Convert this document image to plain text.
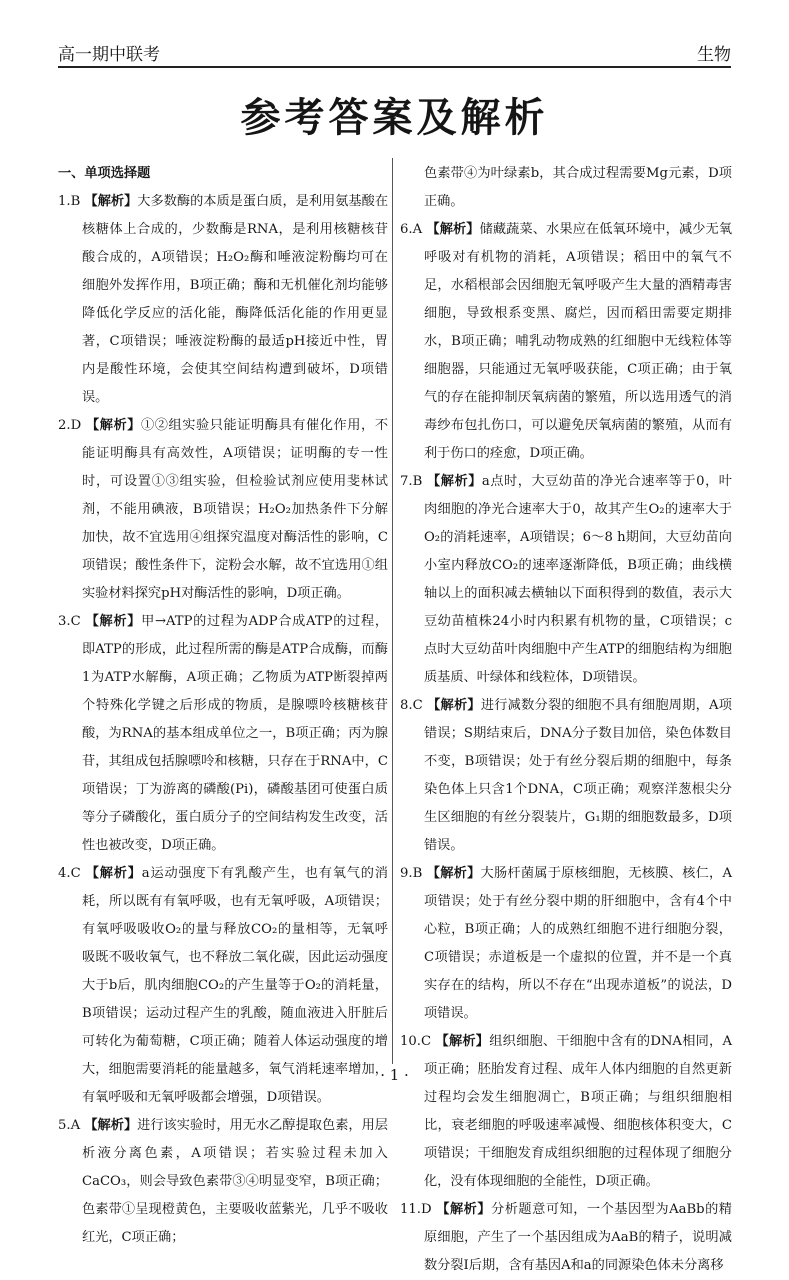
高一期中联考	生物
参考答案及解析

一、单项选择题

1.B 【解析】大多数酶的本质是蛋白质，是利用氨基酸在核糖体上合成的，少数酶是RNA，是利用核糖核苷酸合成的，A项错误；H₂O₂酶和唾液淀粉酶均可在细胞外发挥作用，B项正确；酶和无机催化剂均能够降低化学反应的活化能，酶降低活化能的作用更显著，C项错误；唾液淀粉酶的最适pH接近中性，胃内是酸性环境，会使其空间结构遭到破坏，D项错误。

2.D 【解析】①②组实验只能证明酶具有催化作用，不能证明酶具有高效性，A项错误；证明酶的专一性时，可设置①③组实验，但检验试剂应使用斐林试剂，不能用碘液，B项错误；H₂O₂加热条件下分解加快，故不宜选用④组探究温度对酶活性的影响，C项错误；酸性条件下，淀粉会水解，故不宜选用①组实验材料探究pH对酶活性的影响，D项正确。

3.C 【解析】甲→ATP的过程为ADP合成ATP的过程，即ATP的形成，此过程所需的酶是ATP合成酶，而酶1为ATP水解酶，A项正确；乙物质为ATP断裂掉两个特殊化学键之后形成的物质，是腺嘌呤核糖核苷酸，为RNA的基本组成单位之一，B项正确；丙为腺苷，其组成包括腺嘌呤和核糖，只存在于RNA中，C项错误；丁为游离的磷酸(Pi)，磷酸基团可使蛋白质等分子磷酸化，蛋白质分子的空间结构发生改变，活性也被改变，D项正确。

4.C 【解析】a运动强度下有乳酸产生，也有氧气的消耗，所以既有有氧呼吸，也有无氧呼吸，A项错误；有氧呼吸吸收O₂的量与释放CO₂的量相等，无氧呼吸既不吸收氧气，也不释放二氧化碳，因此运动强度大于b后，肌肉细胞CO₂的产生量等于O₂的消耗量，B项错误；运动过程产生的乳酸，随血液进入肝脏后可转化为葡萄糖，C项正确；随着人体运动强度的增大，细胞需要消耗的能量越多，氧气消耗速率增加，有氧呼吸和无氧呼吸都会增强，D项错误。

5.A 【解析】进行该实验时，用无水乙醇提取色素，用层析液分离色素，A项错误；若实验过程未加入CaCO₃，则会导致色素带③④明显变窄，B项正确；色素带①呈现橙黄色，主要吸收蓝紫光，几乎不吸收红光，C项正确；

色素带④为叶绿素b，其合成过程需要Mg元素，D项正确。

6.A 【解析】储藏蔬菜、水果应在低氧环境中，减少无氧呼吸对有机物的消耗，A项错误；稻田中的氧气不足，水稻根部会因细胞无氧呼吸产生大量的酒精毒害细胞，导致根系变黑、腐烂，因而稻田需要定期排水，B项正确；哺乳动物成熟的红细胞中无线粒体等细胞器，只能通过无氧呼吸获能，C项正确；由于氧气的存在能抑制厌氧病菌的繁殖，所以选用透气的消毒纱布包扎伤口，可以避免厌氧病菌的繁殖，从而有利于伤口的痊愈，D项正确。

7.B 【解析】a点时，大豆幼苗的净光合速率等于0，叶肉细胞的净光合速率大于0，故其产生O₂的速率大于O₂的消耗速率，A项错误；6～8 h期间，大豆幼苗向小室内释放CO₂的速率逐渐降低，B项正确；曲线横轴以上的面积减去横轴以下面积得到的数值，表示大豆幼苗植株24小时内积累有机物的量，C项错误；c点时大豆幼苗叶肉细胞中产生ATP的细胞结构为细胞质基质、叶绿体和线粒体，D项错误。

8.C 【解析】进行减数分裂的细胞不具有细胞周期，A项错误；S期结束后，DNA分子数目加倍，染色体数目不变，B项错误；处于有丝分裂后期的细胞中，每条染色体上只含1个DNA，C项正确；观察洋葱根尖分生区细胞的有丝分裂装片，G₁期的细胞数最多，D项错误。

9.B 【解析】大肠杆菌属于原核细胞，无核膜、核仁，A项错误；处于有丝分裂中期的肝细胞中，含有4个中心粒，B项正确；人的成熟红细胞不进行细胞分裂，C项错误；赤道板是一个虚拟的位置，并不是一个真实存在的结构，所以不存在“出现赤道板”的说法，D项错误。

10.C 【解析】组织细胞、干细胞中含有的DNA相同，A项正确；胚胎发育过程、成年人体内细胞的自然更新过程均会发生细胞凋亡，B项正确；与组织细胞相比，衰老细胞的呼吸速率减慢、细胞核体积变大，C项错误；干细胞发育成组织细胞的过程体现了细胞分化，没有体现细胞的全能性，D项正确。

11.D 【解析】分析题意可知，一个基因型为AaBb的精原细胞，产生了一个基因组成为AaB的精子，说明减数分裂Ⅰ后期，含有基因A和a的同源染色体未分离移

· 1 ·
